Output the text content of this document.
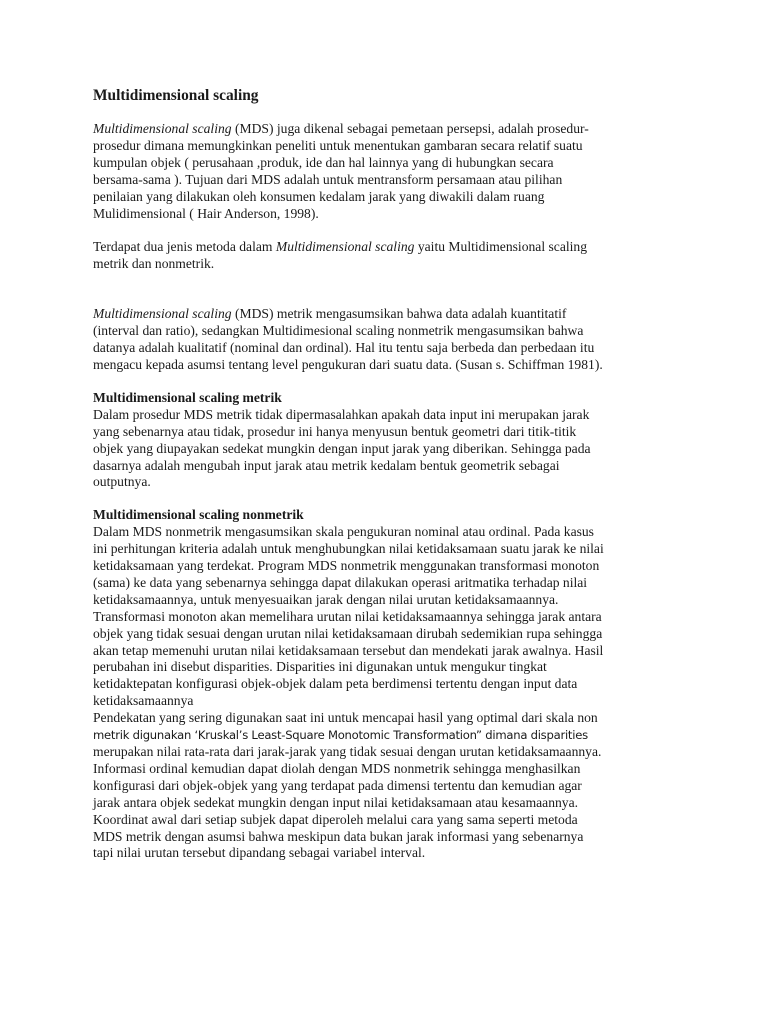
Multidimensional scaling
Multidimensional scaling (MDS) juga dikenal sebagai pemetaan persepsi, adalah prosedur-
prosedur dimana memungkinkan peneliti untuk menentukan gambaran secara relatif suatu
kumpulan objek ( perusahaan ,produk, ide dan hal lainnya yang di hubungkan secara
bersama-sama ). Tujuan dari MDS adalah untuk mentransform persamaan atau pilihan
penilaian yang dilakukan oleh konsumen kedalam jarak yang diwakili dalam ruang
Mulidimensional ( Hair Anderson, 1998).
Terdapat dua jenis metoda dalam Multidimensional scaling yaitu Multidimensional scaling
metrik dan nonmetrik.
Multidimensional scaling (MDS) metrik mengasumsikan bahwa data adalah kuantitatif
(interval dan ratio), sedangkan Multidimesional scaling nonmetrik mengasumsikan bahwa
datanya adalah kualitatif (nominal dan ordinal). Hal itu tentu saja berbeda dan perbedaan itu
mengacu kepada asumsi tentang level pengukuran dari suatu data. (Susan s. Schiffman 1981).
Multidimensional scaling metrik
Dalam prosedur MDS metrik tidak dipermasalahkan apakah data input ini merupakan jarak
yang sebenarnya atau tidak, prosedur ini hanya menyusun bentuk geometri dari titik-titik
objek yang diupayakan sedekat mungkin dengan input jarak yang diberikan. Sehingga pada
dasarnya adalah mengubah input jarak atau metrik kedalam bentuk geometrik sebagai
outputnya.
Multidimensional scaling nonmetrik
Dalam MDS nonmetrik mengasumsikan skala pengukuran nominal atau ordinal. Pada kasus
ini perhitungan kriteria adalah untuk menghubungkan nilai ketidaksamaan suatu jarak ke nilai
ketidaksamaan yang terdekat. Program MDS nonmetrik menggunakan transformasi monoton
(sama) ke data yang sebenarnya sehingga dapat dilakukan operasi aritmatika terhadap nilai
ketidaksamaannya, untuk menyesuaikan jarak dengan nilai urutan ketidaksamaannya.
Transformasi monoton akan memelihara urutan nilai ketidaksamaannya sehingga jarak antara
objek yang tidak sesuai dengan urutan nilai ketidaksamaan dirubah sedemikian rupa sehingga
akan tetap memenuhi urutan nilai ketidaksamaan tersebut dan mendekati jarak awalnya. Hasil
perubahan ini disebut disparities. Disparities ini digunakan untuk mengukur tingkat
ketidaktepatan konfigurasi objek-objek dalam peta berdimensi tertentu dengan input data
ketidaksamaannya
Pendekatan yang sering digunakan saat ini untuk mencapai hasil yang optimal dari skala non
metrik digunakan ‘Kruskal’s Least-Square Monotomic Transformation” dimana disparities
merupakan nilai rata-rata dari jarak-jarak yang tidak sesuai dengan urutan ketidaksamaannya.
Informasi ordinal kemudian dapat diolah dengan MDS nonmetrik sehingga menghasilkan
konfigurasi dari objek-objek yang yang terdapat pada dimensi tertentu dan kemudian agar
jarak antara objek sedekat mungkin dengan input nilai ketidaksamaan atau kesamaannya.
Koordinat awal dari setiap subjek dapat diperoleh melalui cara yang sama seperti metoda
MDS metrik dengan asumsi bahwa meskipun data bukan jarak informasi yang sebenarnya
tapi nilai urutan tersebut dipandang sebagai variabel interval.
